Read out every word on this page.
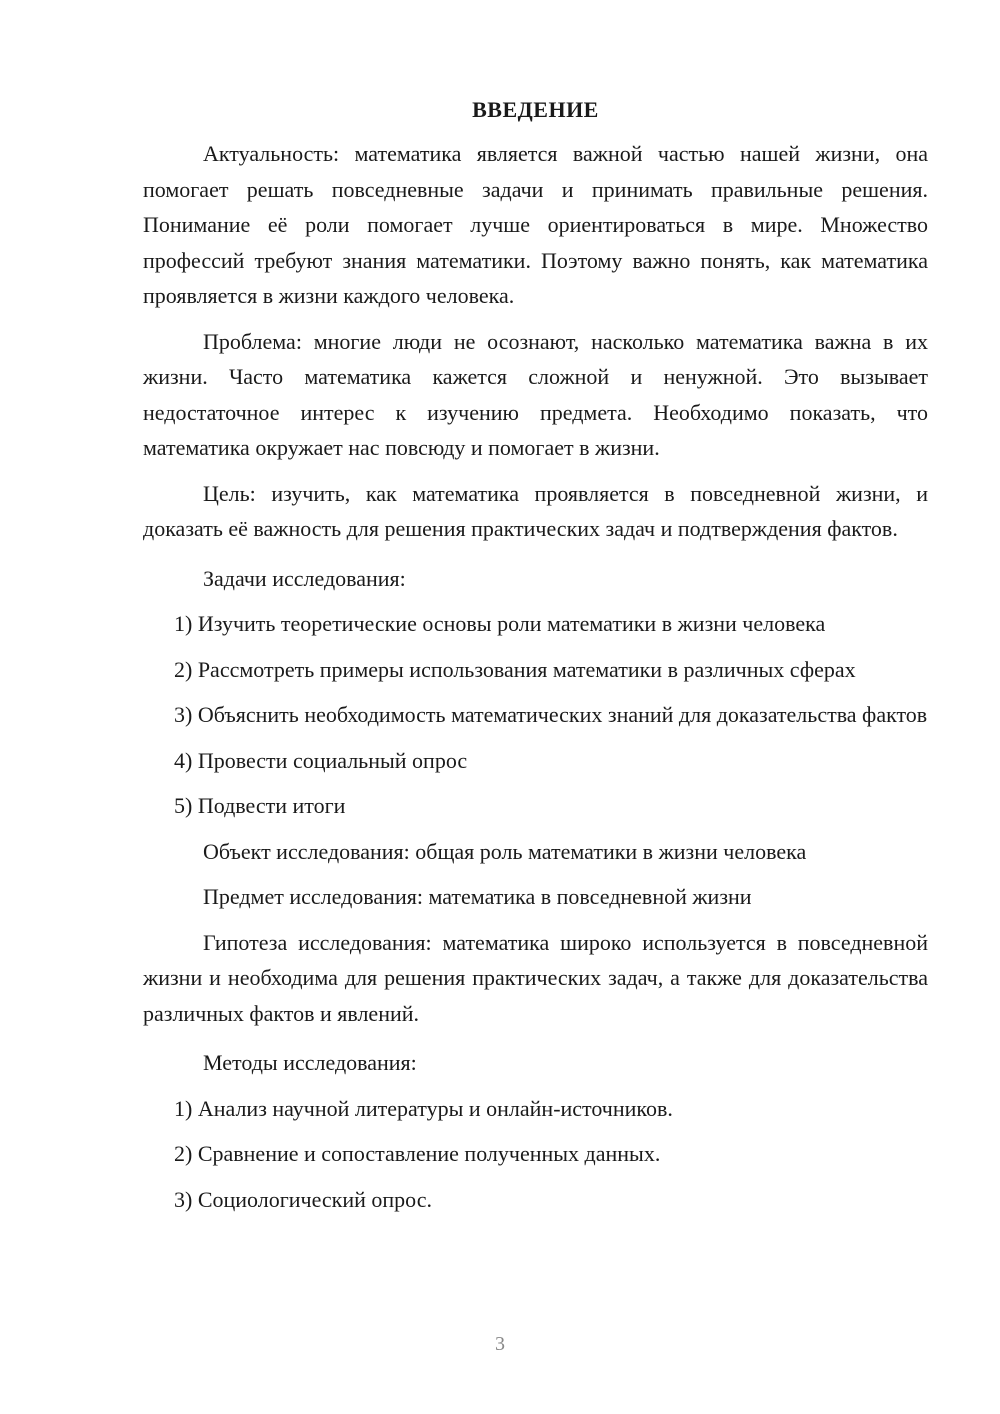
ВВЕДЕНИЕ

Актуальность: математика является важной частью нашей жизни, она помогает решать повседневные задачи и принимать правильные решения. Понимание её роли помогает лучше ориентироваться в мире. Множество профессий требуют знания математики. Поэтому важно понять, как математика проявляется в жизни каждого человека.

Проблема: многие люди не осознают, насколько математика важна в их жизни. Часто математика кажется сложной и ненужной. Это вызывает недостаточное интерес к изучению предмета. Необходимо показать, что математика окружает нас повсюду и помогает в жизни.

Цель: изучить, как математика проявляется в повседневной жизни, и доказать её важность для решения практических задач и подтверждения фактов.

Задачи исследования:

1) Изучить теоретические основы роли математики в жизни человека

2) Рассмотреть примеры использования математики в различных сферах

3) Объяснить необходимость математических знаний для доказательства фактов

4) Провести социальный опрос

5) Подвести итоги

Объект исследования: общая роль математики в жизни человека

Предмет исследования: математика в повседневной жизни

Гипотеза исследования: математика широко используется в повседневной жизни и необходима для решения практических задач, а также для доказательства различных фактов и явлений.

Методы исследования:

1) Анализ научной литературы и онлайн-источников.

2) Сравнение и сопоставление полученных данных.

3) Социологический опрос.

3
